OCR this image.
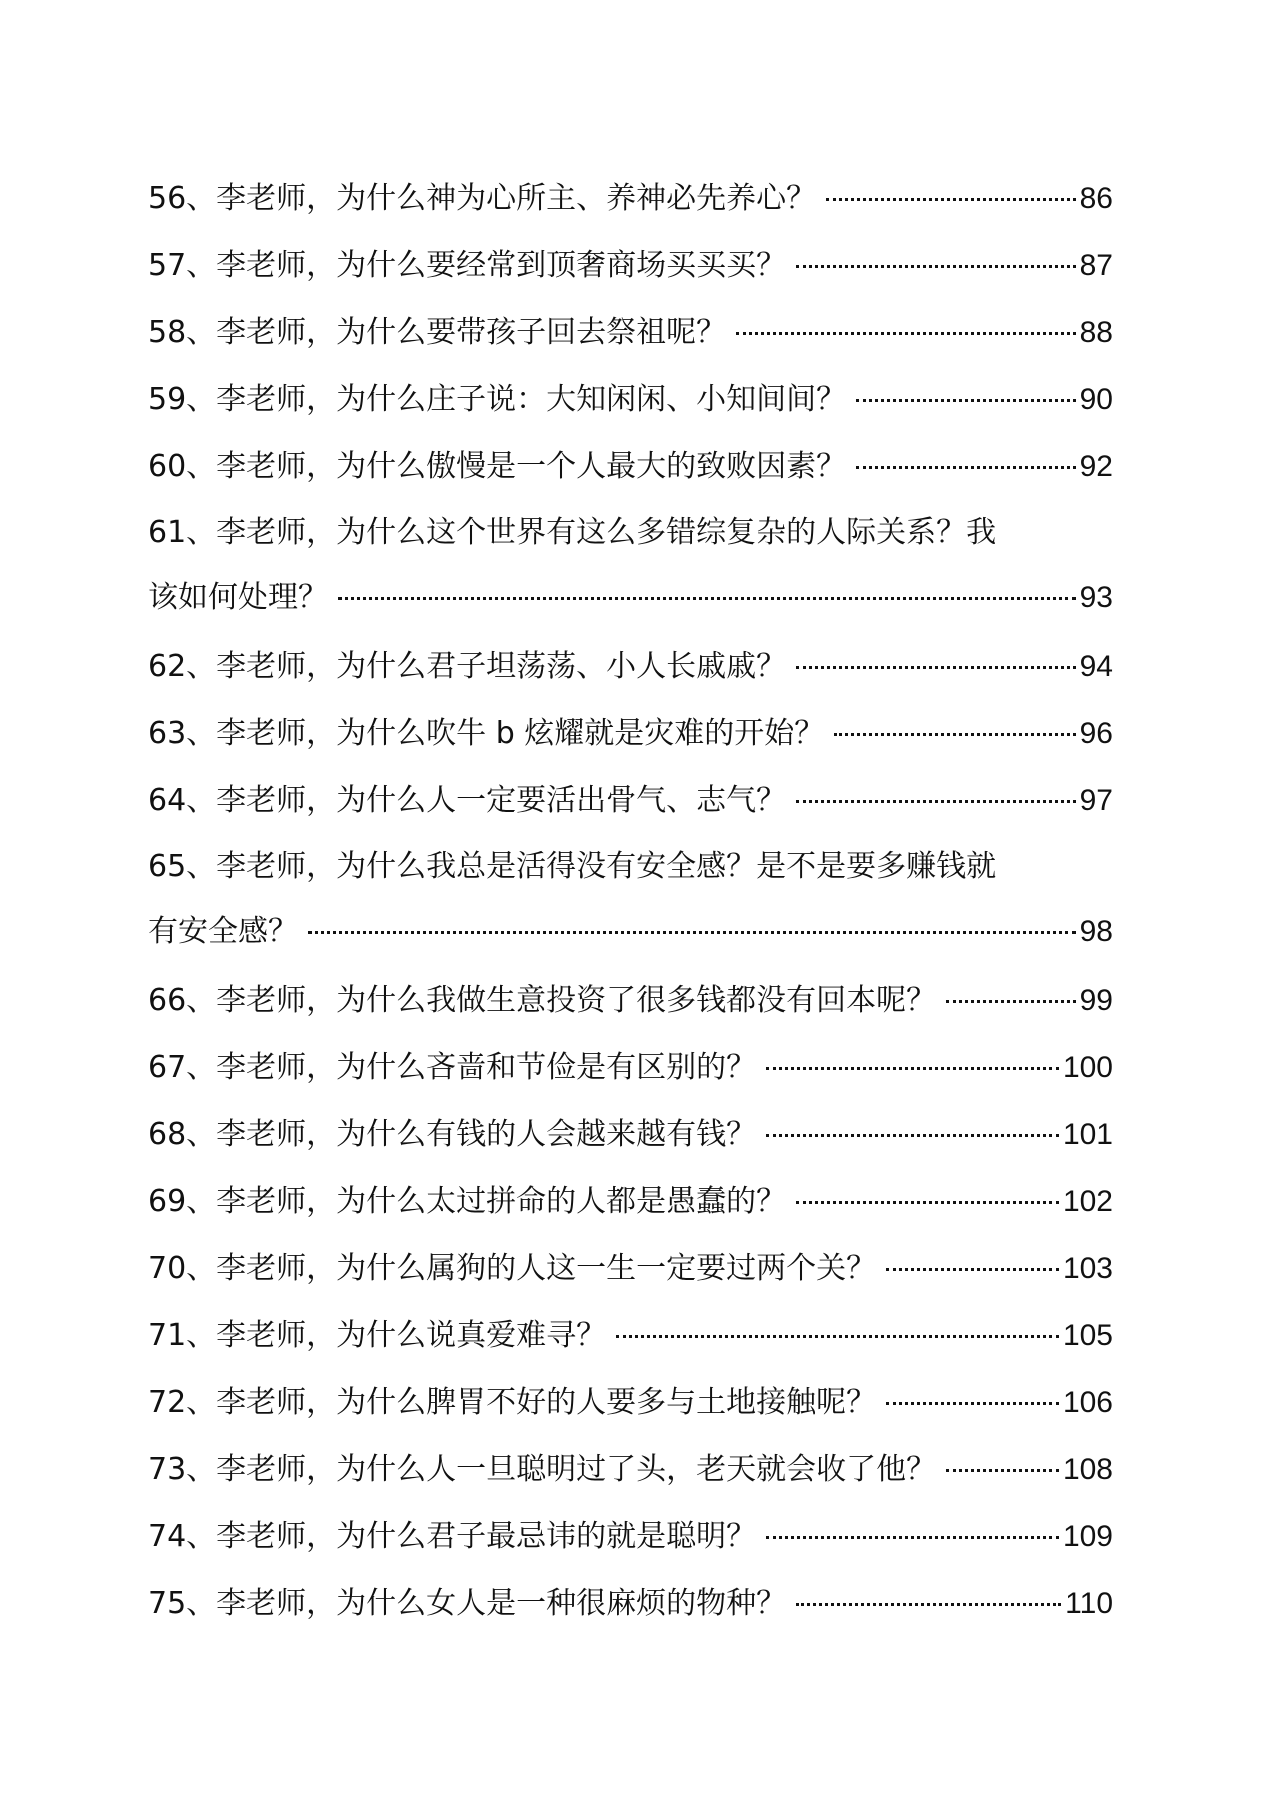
56、李老师，为什么神为心所主、养神必先养心？	86
57、李老师，为什么要经常到顶奢商场买买买？	87
58、李老师，为什么要带孩子回去祭祖呢？	88
59、李老师，为什么庄子说：大知闲闲、小知间间？	90
60、李老师，为什么傲慢是一个人最大的致败因素？	92
61、李老师，为什么这个世界有这么多错综复杂的人际关系？我
该如何处理？	93
62、李老师，为什么君子坦荡荡、小人长戚戚？	94
63、李老师，为什么吹牛 b 炫耀就是灾难的开始？	96
64、李老师，为什么人一定要活出骨气、志气？	97
65、李老师，为什么我总是活得没有安全感？是不是要多赚钱就
有安全感？	98
66、李老师，为什么我做生意投资了很多钱都没有回本呢？	99
67、李老师，为什么吝啬和节俭是有区别的？	100
68、李老师，为什么有钱的人会越来越有钱？	101
69、李老师，为什么太过拼命的人都是愚蠢的？	102
70、李老师，为什么属狗的人这一生一定要过两个关？	103
71、李老师，为什么说真爱难寻？	105
72、李老师，为什么脾胃不好的人要多与土地接触呢？	106
73、李老师，为什么人一旦聪明过了头，老天就会收了他？	108
74、李老师，为什么君子最忌讳的就是聪明？	109
75、李老师，为什么女人是一种很麻烦的物种？	110
